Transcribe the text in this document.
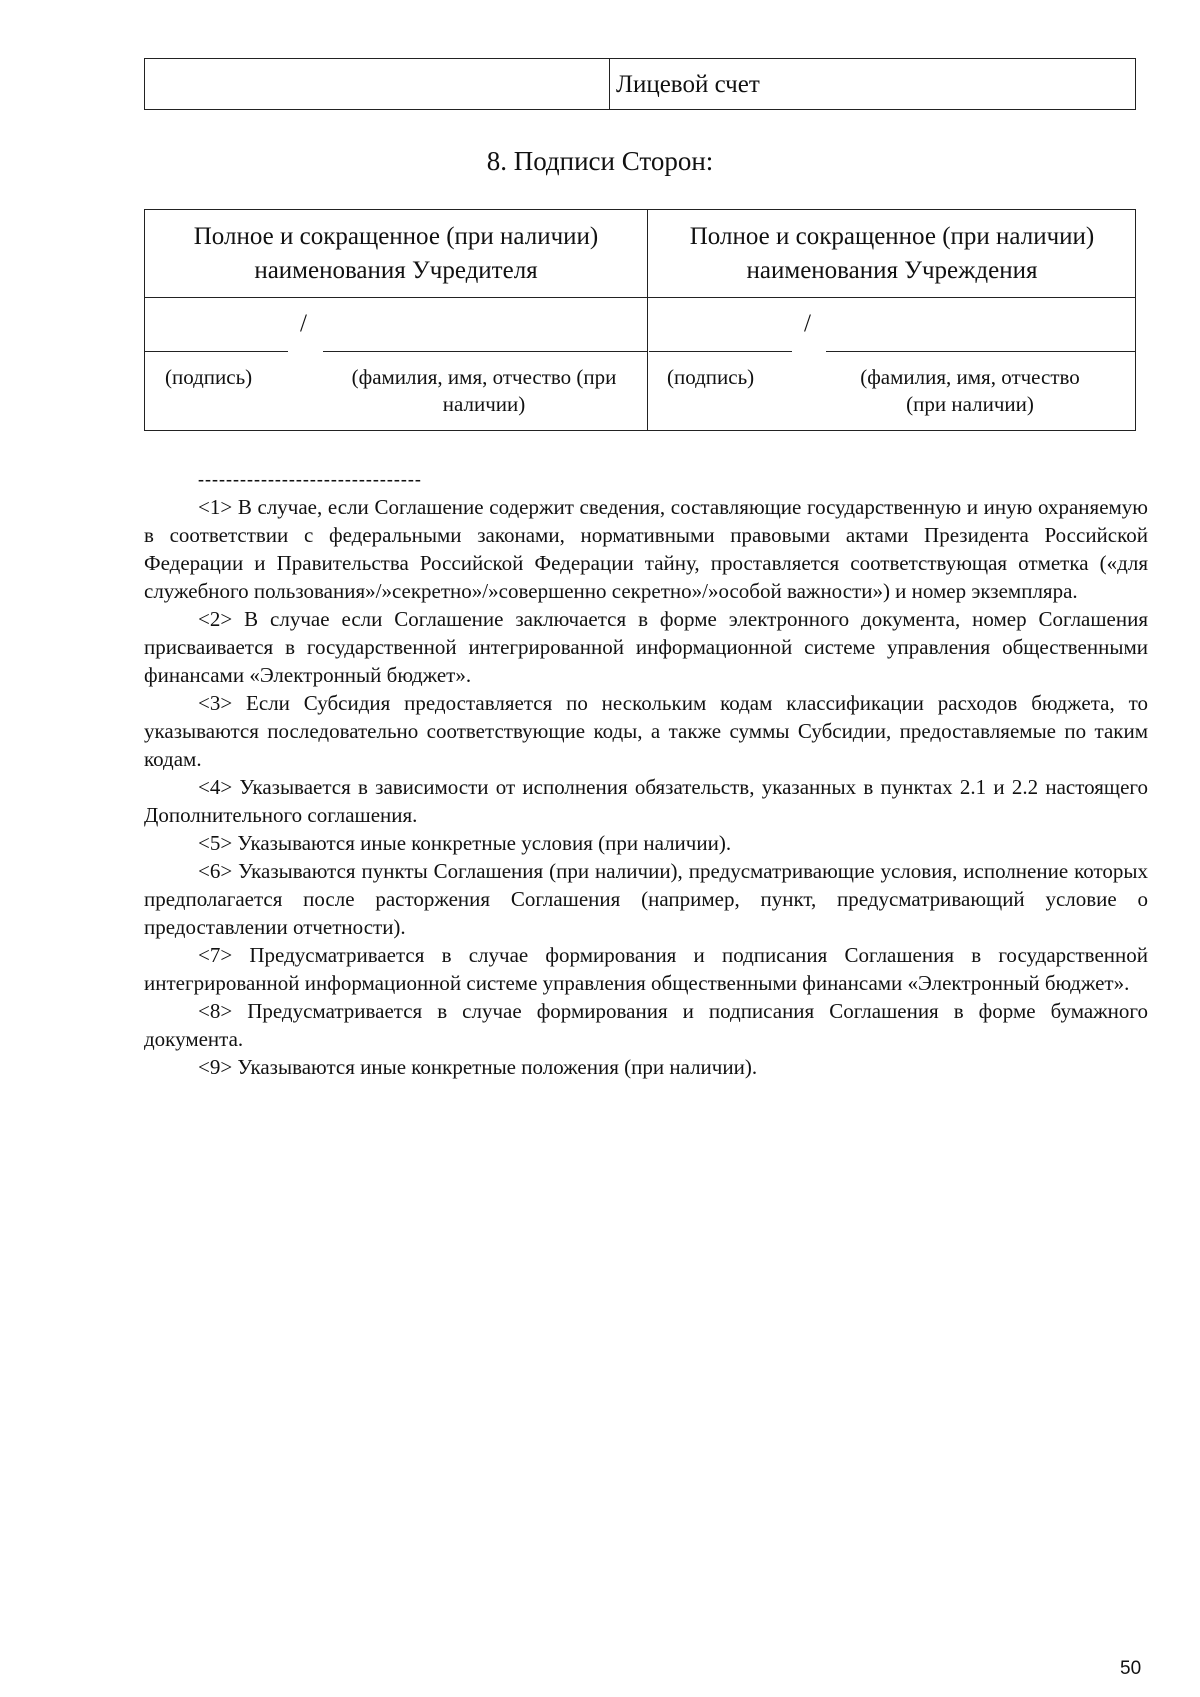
Лицевой счет
8. Подписи Сторон:
Полное и сокращенное (при наличии) наименования Учредителя
Полное и сокращенное (при наличии) наименования Учреждения
/
(подпись)	(фамилия, имя, отчество (при наличии)
/
(подпись)	(фамилия, имя, отчество (при наличии)
--------------------------------

<1> В случае, если Соглашение содержит сведения, составляющие государственную и иную охраняемую в соответствии с федеральными законами, нормативными правовыми актами Президента Российской Федерации и Правительства Российской Федерации тайну, проставляется соответствующая отметка («для служебного пользования»/»секретно»/»совершенно секретно»/»особой важности») и номер экземпляра.

<2> В случае если Соглашение заключается в форме электронного документа, номер Соглашения присваивается в государственной интегрированной информационной системе управления общественными финансами «Электронный бюджет».

<3> Если Субсидия предоставляется по нескольким кодам классификации расходов бюджета, то указываются последовательно соответствующие коды, а также суммы Субсидии, предоставляемые по таким кодам.

<4> Указывается в зависимости от исполнения обязательств, указанных в пунктах 2.1 и 2.2 настоящего Дополнительного соглашения.

<5> Указываются иные конкретные условия (при наличии).

<6> Указываются пункты Соглашения (при наличии), предусматривающие условия, исполнение которых предполагается после расторжения Соглашения (например, пункт, предусматривающий условие о предоставлении отчетности).

<7> Предусматривается в случае формирования и подписания Соглашения в государственной интегрированной информационной системе управления общественными финансами «Электронный бюджет».

<8> Предусматривается в случае формирования и подписания Соглашения в форме бумажного документа.

<9> Указываются иные конкретные положения (при наличии).

50
